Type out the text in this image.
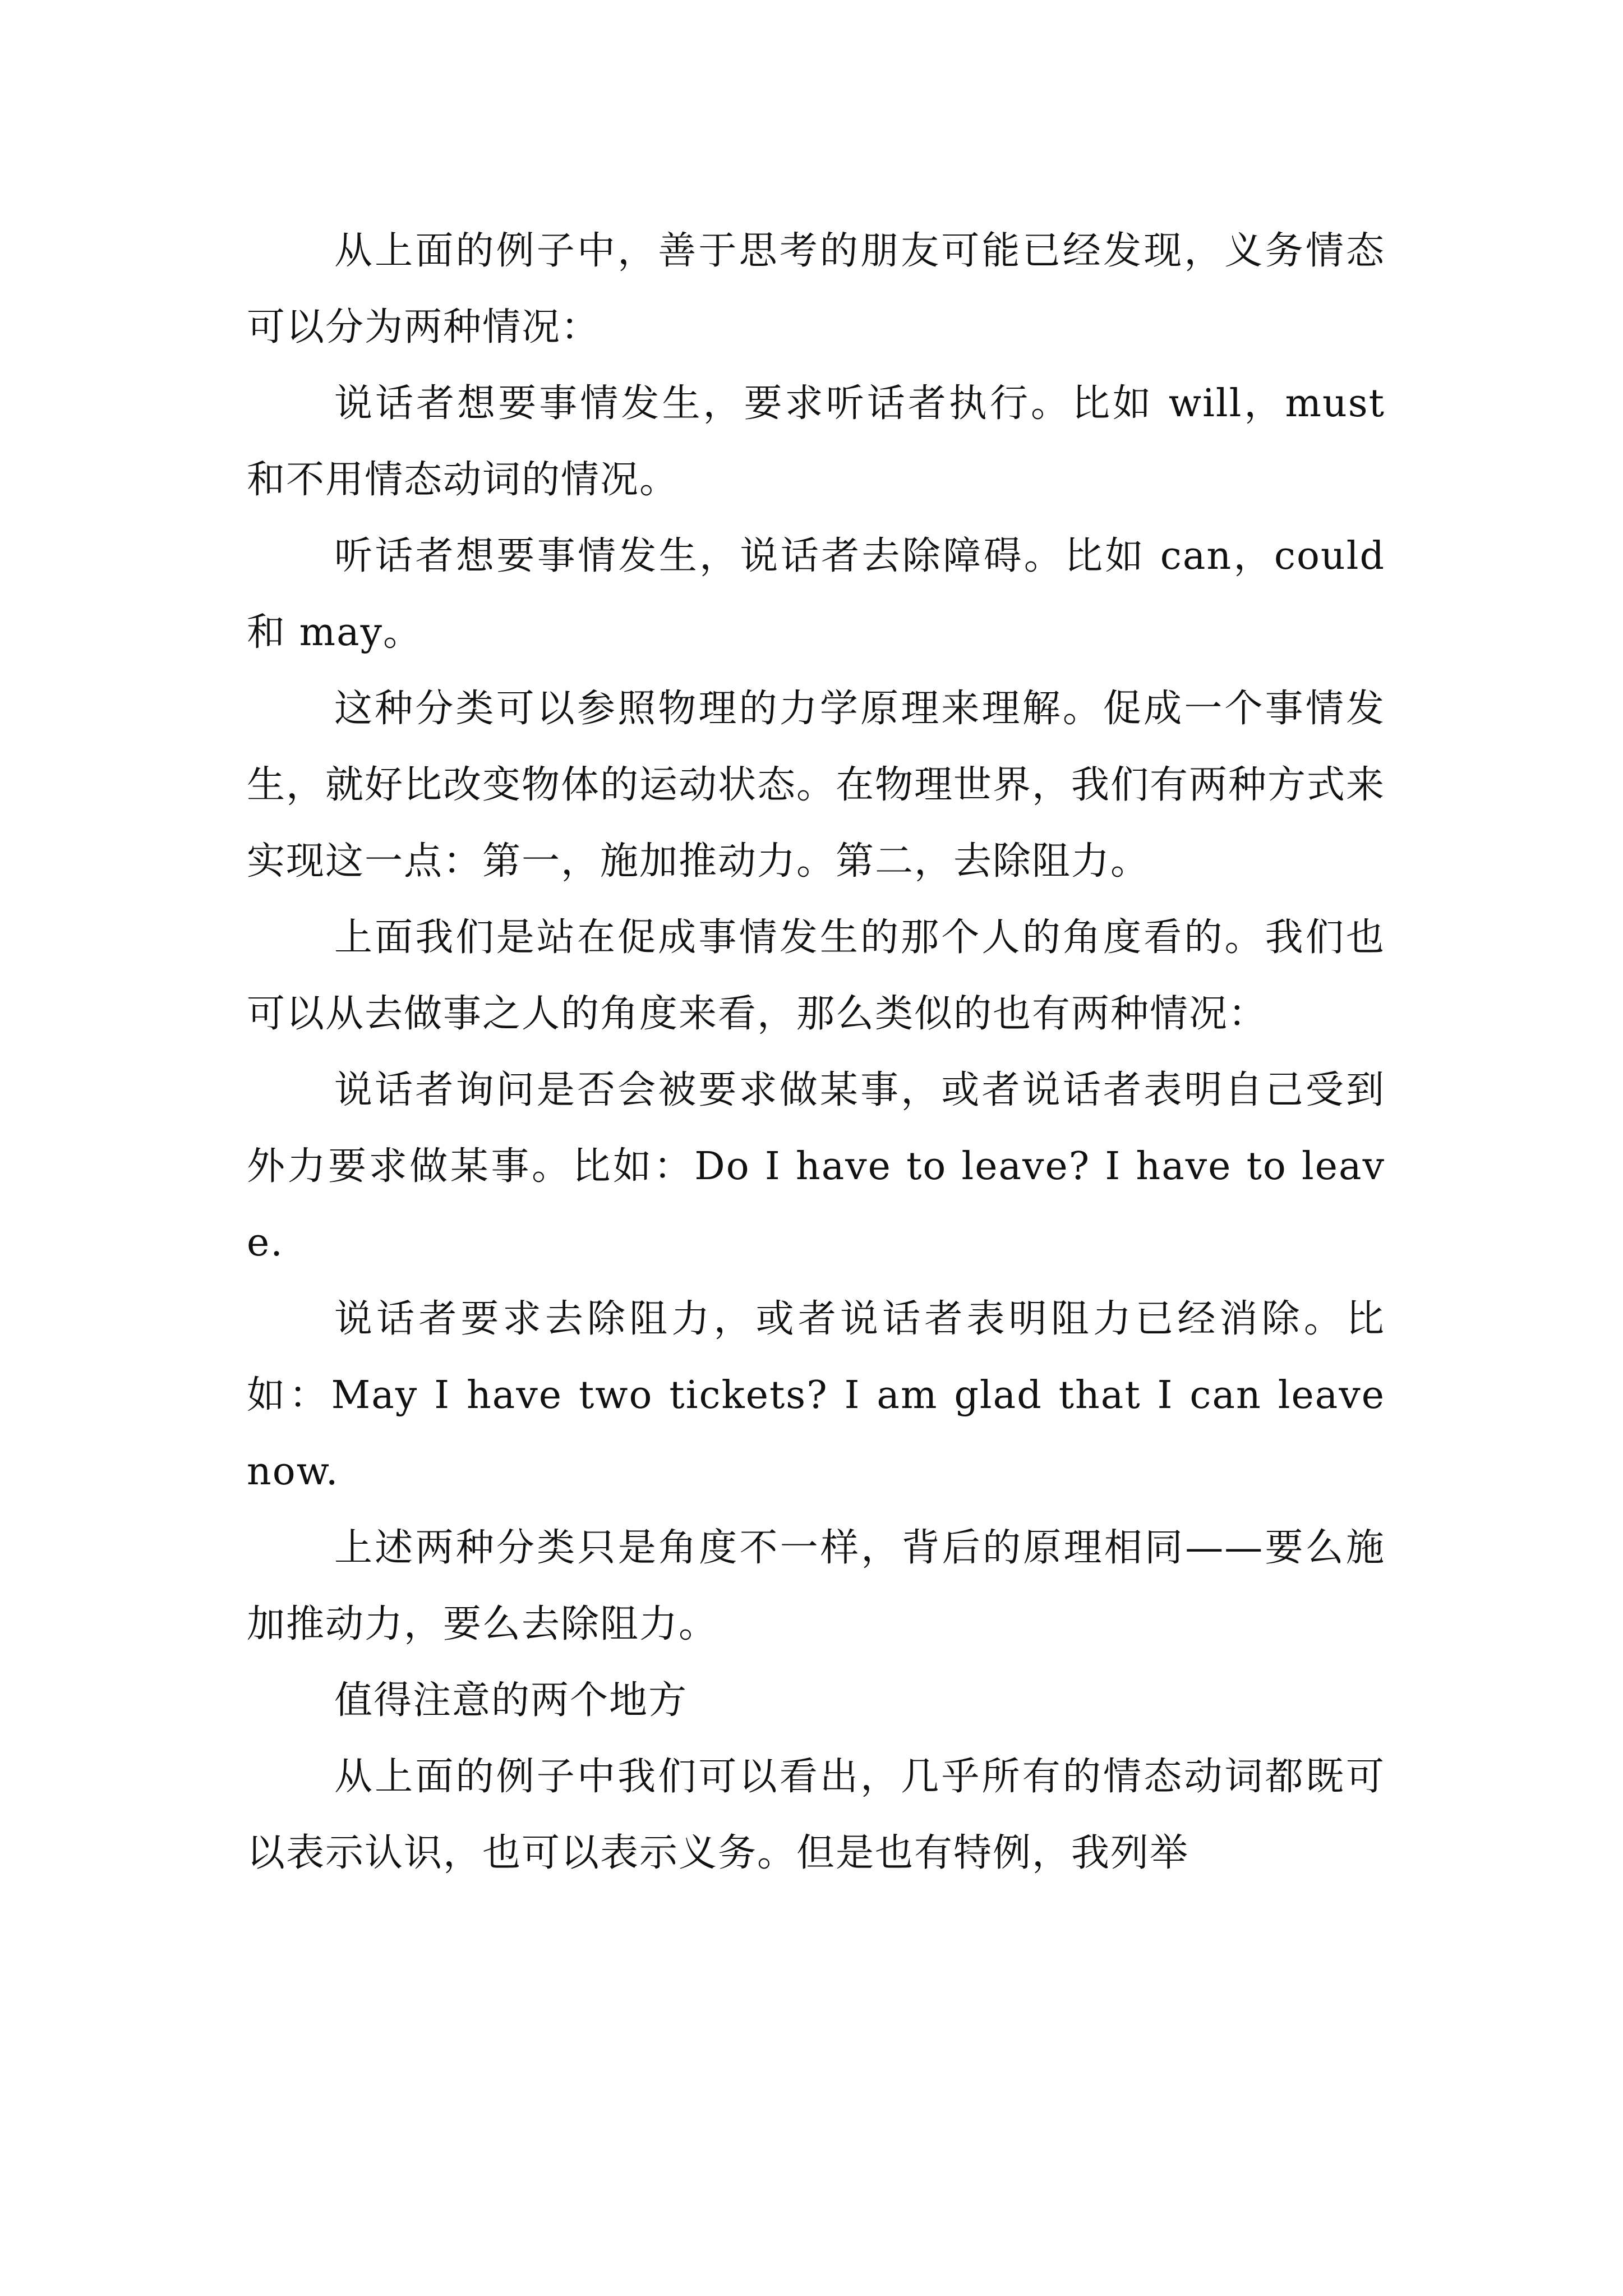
从上面的例子中，善于思考的朋友可能已经发现，义务情态可以分为两种情况：

说话者想要事情发生，要求听话者执行。比如 will，must 和不用情态动词的情况。

听话者想要事情发生，说话者去除障碍。比如 can，could 和 may。

这种分类可以参照物理的力学原理来理解。促成一个事情发生，就好比改变物体的运动状态。在物理世界，我们有两种方式来实现这一点：第一，施加推动力。第二，去除阻力。

上面我们是站在促成事情发生的那个人的角度看的。我们也可以从去做事之人的角度来看，那么类似的也有两种情况：

说话者询问是否会被要求做某事，或者说话者表明自己受到外力要求做某事。比如：Do I have to leave? I have to leave.

说话者要求去除阻力，或者说话者表明阻力已经消除。比如：May I have two tickets? I am glad that I can leave now.

上述两种分类只是角度不一样，背后的原理相同——要么施加推动力，要么去除阻力。

值得注意的两个地方

从上面的例子中我们可以看出，几乎所有的情态动词都既可以表示认识，也可以表示义务。但是也有特例，我列举
